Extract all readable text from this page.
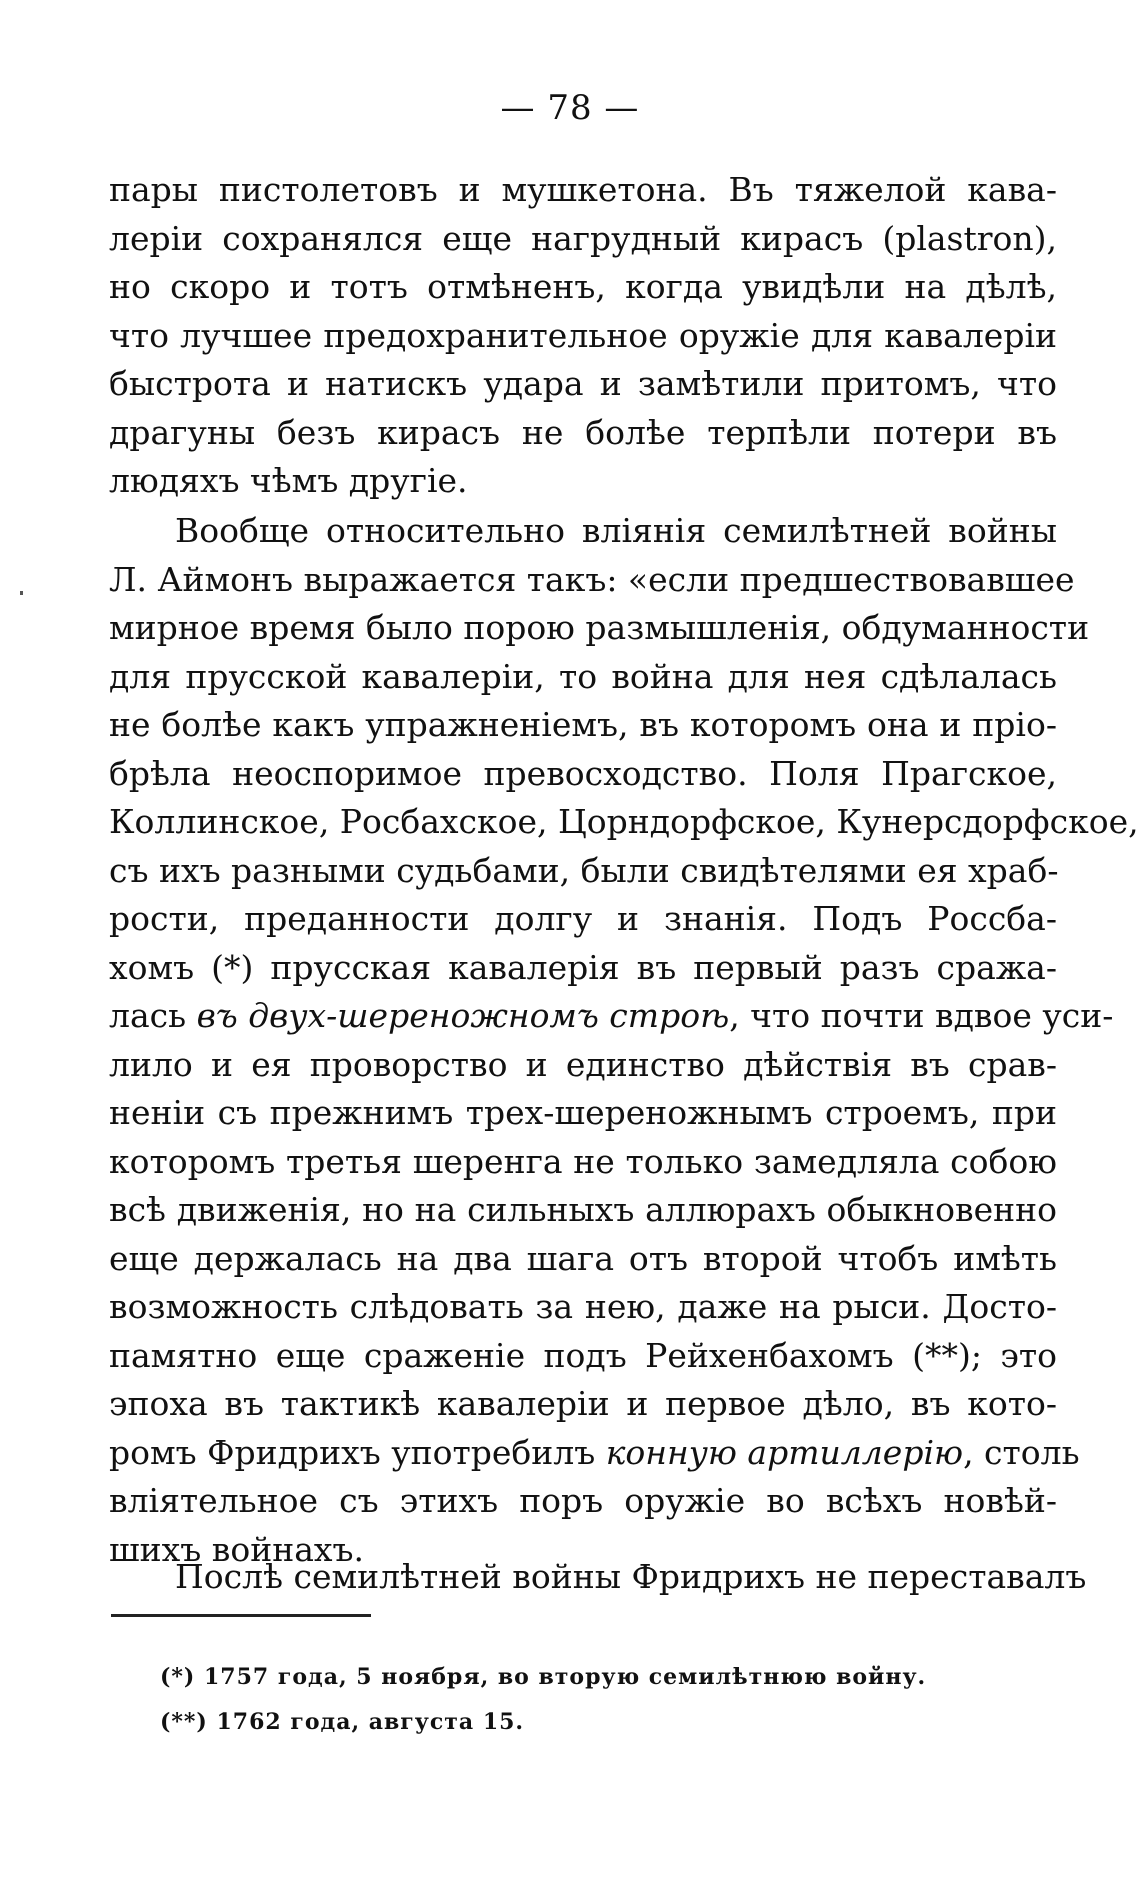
— 78 —
пары пистолетовъ и мушкетона. Въ тяжелой кава-
лерiи сохранялся еще нагрудный кирасъ (plastron),
но скоро и тотъ отмѣненъ, когда увидѣли на дѣлѣ,
что лучшее предохранительное оружiе для кавалерiи
быстрота и натискъ удара и замѣтили притомъ, что
драгуны безъ кирасъ не болѣе терпѣли потери въ
людяхъ чѣмъ другiе.
Вообще относительно влiянiя семилѣтней войны
Л. Аймонъ выражается такъ: «если предшествовавшее
мирное время было порою размышленiя, обдуманности
для прусской кавалерiи, то война для нея сдѣлалась
не болѣе какъ упражненiемъ, въ которомъ она и прiо-
брѣла неоспоримое превосходство. Поля Прагское,
Коллинское, Росбахское, Цорндорфское, Кунерсдорфское,
съ ихъ разными судьбами, были свидѣтелями ея храб-
рости, преданности долгу и знанiя. Подъ Россба-
хомъ (*) прусская кавалерiя въ первый разъ сража-
лась въ двух-шереножномъ строѣ, что почти вдвое уси-
лило и ея проворство и единство дѣйствiя въ срав-
ненiи съ прежнимъ трех-шереножнымъ строемъ, при
которомъ третья шеренга не только замедляла собою
всѣ движенiя, но на сильныхъ аллюрахъ обыкновенно
еще держалась на два шага отъ второй чтобъ имѣть
возможность слѣдовать за нею, даже на рыси. Досто-
памятно еще сраженiе подъ Рейхенбахомъ (**); это
эпоха въ тактикѣ кавалерiи и первое дѣло, въ кото-
ромъ Фридрихъ употребилъ конную артиллерiю, столь
влiятельное съ этихъ поръ оружiе во всѣхъ новѣй-
шихъ войнахъ.
Послѣ семилѣтней войны Фридрихъ не переставалъ
(*) 1757 года, 5 ноября, во вторую семилѣтнюю войну.
(**) 1762 года, августа 15.
